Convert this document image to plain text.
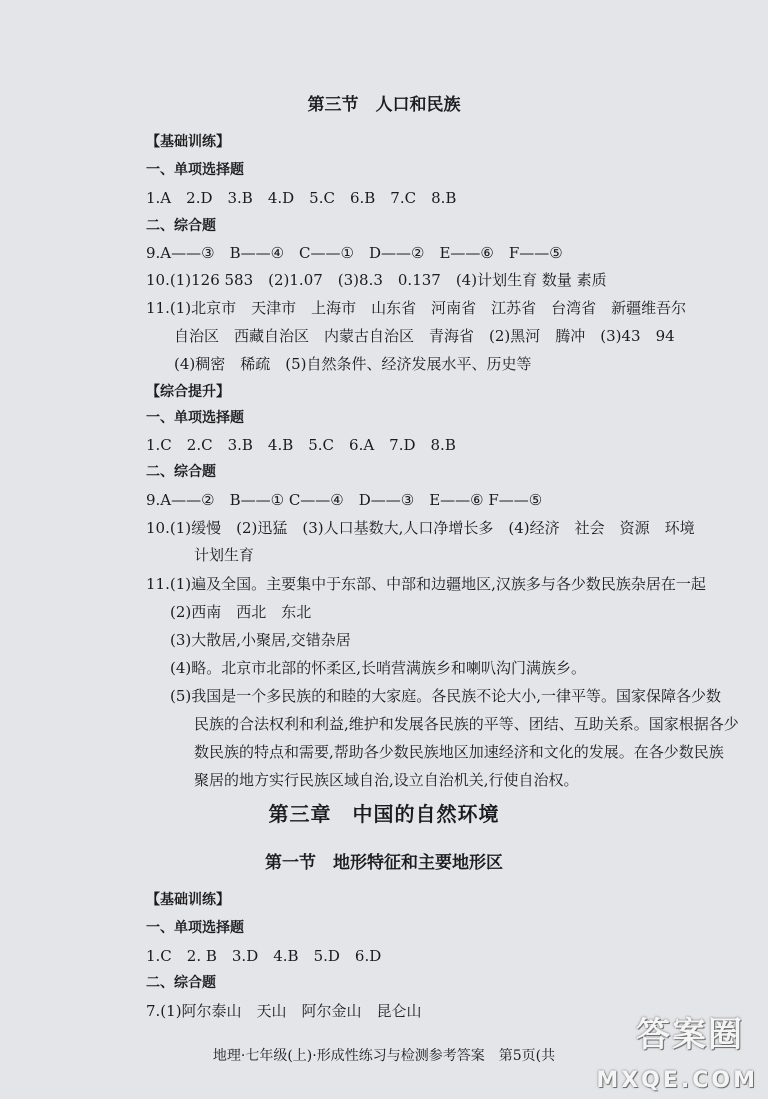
第三节　人口和民族
【基础训练】
一、单项选择题
1.A　2.D　3.B　4.D　5.C　6.B　7.C　8.B
二、综合题
9.A——③　B——④　C——①　D——②　E——⑥　F——⑤
10.(1)126 583　(2)1.07　(3)8.3　0.137　(4)计划生育 数量 素质
11.(1)北京市　天津市　上海市　山东省　河南省　江苏省　台湾省　新疆维吾尔
自治区　西藏自治区　内蒙古自治区　青海省　(2)黑河　腾冲　(3)43　94
(4)稠密　稀疏　(5)自然条件、经济发展水平、历史等
【综合提升】
一、单项选择题
1.C　2.C　3.B　4.B　5.C　6.A　7.D　8.B
二、综合题
9.A——②　B——① C——④　D——③　E——⑥ F——⑤
10.(1)缓慢　(2)迅猛　(3)人口基数大,人口净增长多　(4)经济　社会　资源　环境
计划生育
11.(1)遍及全国。主要集中于东部、中部和边疆地区,汉族多与各少数民族杂居在一起
(2)西南　西北　东北
(3)大散居,小聚居,交错杂居
(4)略。北京市北部的怀柔区,长哨营满族乡和喇叭沟门满族乡。
(5)我国是一个多民族的和睦的大家庭。各民族不论大小,一律平等。国家保障各少数
民族的合法权利和利益,维护和发展各民族的平等、团结、互助关系。国家根据各少
数民族的特点和需要,帮助各少数民族地区加速经济和文化的发展。在各少数民族
聚居的地方实行民族区域自治,设立自治机关,行使自治权。
第三章　中国的自然环境
第一节　地形特征和主要地形区
【基础训练】
一、单项选择题
1.C　2. B　3.D　4.B　5.D　6.D
二、综合题
7.(1)阿尔泰山　天山　阿尔金山　昆仑山
地理·七年级(上)·形成性练习与检测参考答案　第5页(共
答案圈
MXQE.COM
